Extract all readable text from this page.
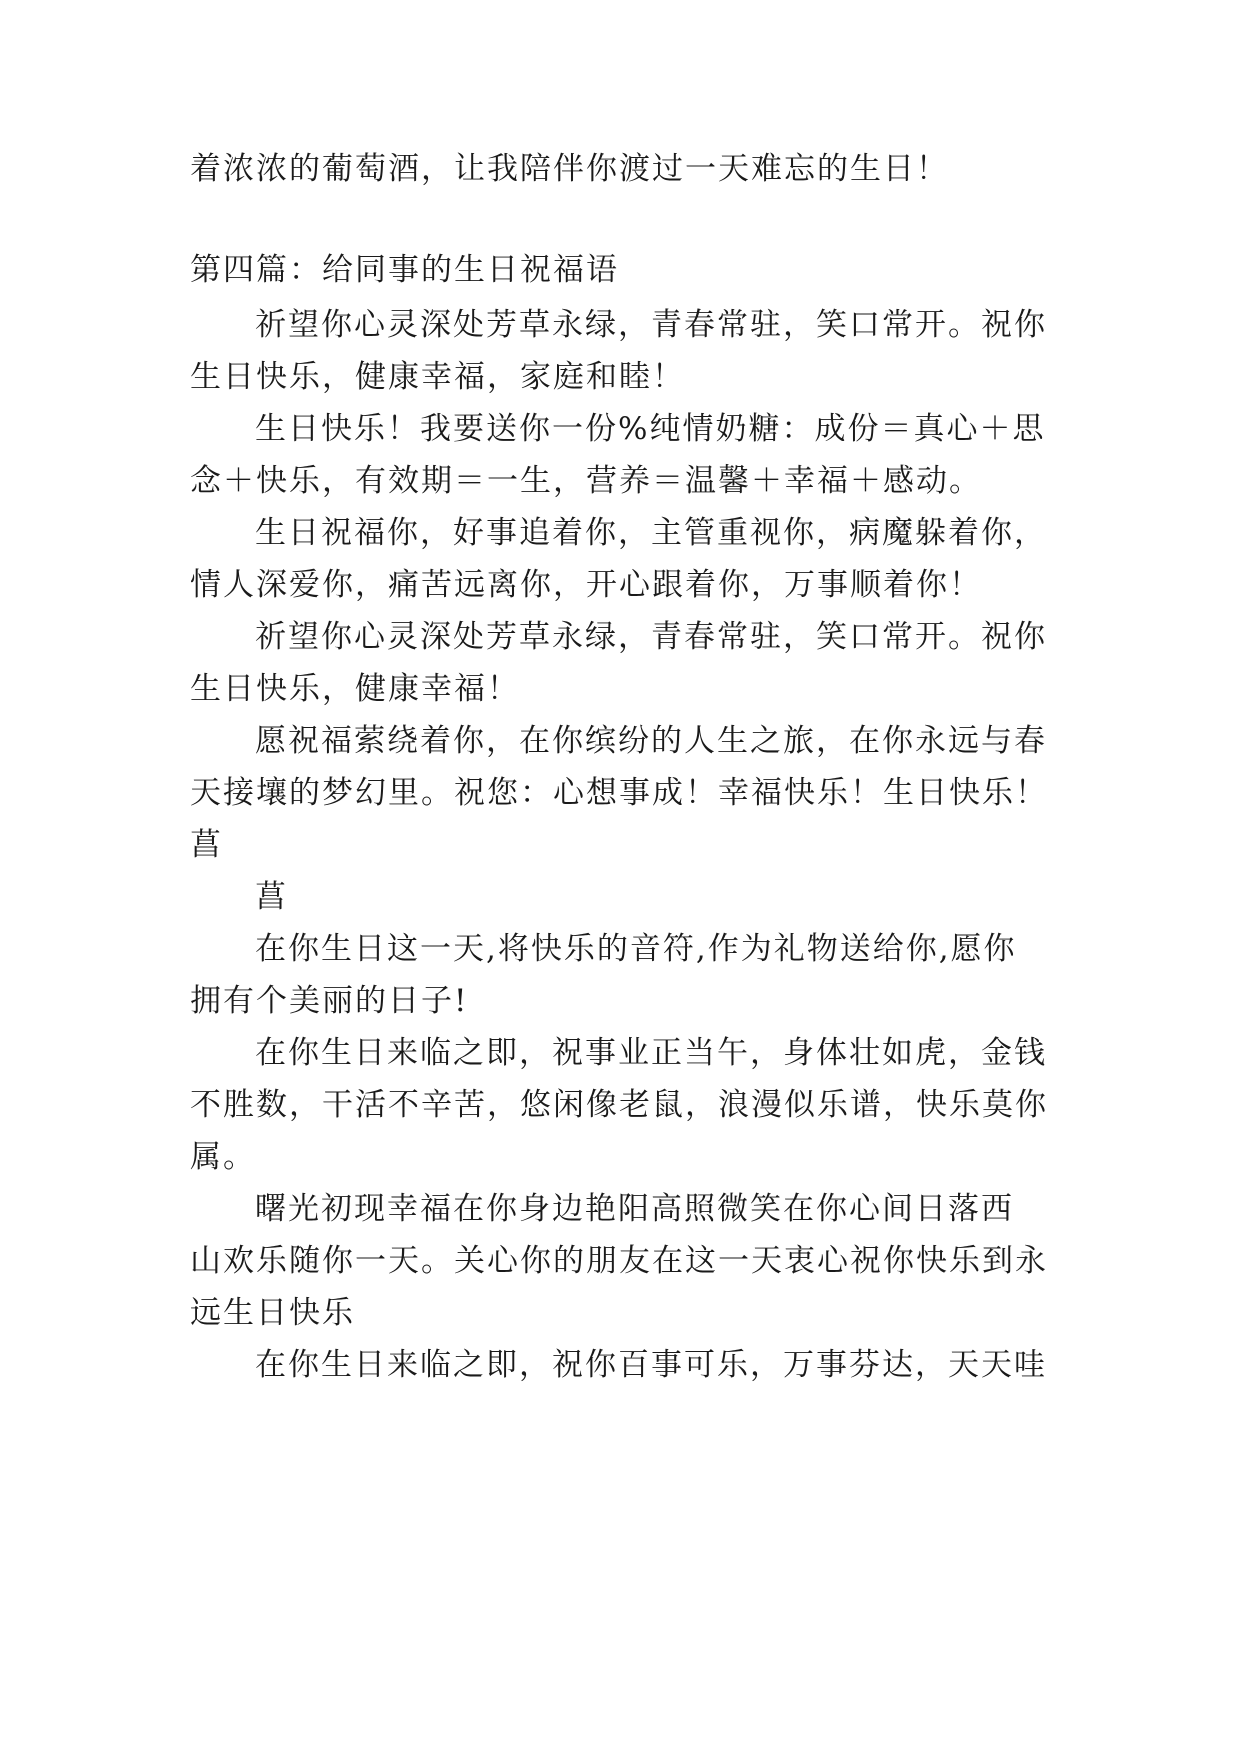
着浓浓的葡萄酒，让我陪伴你渡过一天难忘的生日！

第四篇：给同事的生日祝福语

祈望你心灵深处芳草永绿，青春常驻，笑口常开。祝你

生日快乐，健康幸福，家庭和睦！

生日快乐！我要送你一份%纯情奶糖：成份＝真心＋思

念＋快乐，有效期＝一生，营养＝温馨＋幸福＋感动。

生日祝福你，好事追着你，主管重视你，病魔躲着你，

情人深爱你，痛苦远离你，开心跟着你，万事顺着你！

祈望你心灵深处芳草永绿，青春常驻，笑口常开。祝你

生日快乐，健康幸福！

愿祝福萦绕着你，在你缤纷的人生之旅，在你永远与春

天接壤的梦幻里。祝您：心想事成！幸福快乐！生日快乐！

菖

菖

在你生日这一天,将快乐的音符,作为礼物送给你,愿你

拥有个美丽的日子!

在你生日来临之即，祝事业正当午，身体壮如虎，金钱

不胜数，干活不辛苦，悠闲像老鼠，浪漫似乐谱，快乐莫你

属。

曙光初现幸福在你身边艳阳高照微笑在你心间日落西

山欢乐随你一天。关心你的朋友在这一天衷心祝你快乐到永

远生日快乐

在你生日来临之即，祝你百事可乐，万事芬达，天天哇
